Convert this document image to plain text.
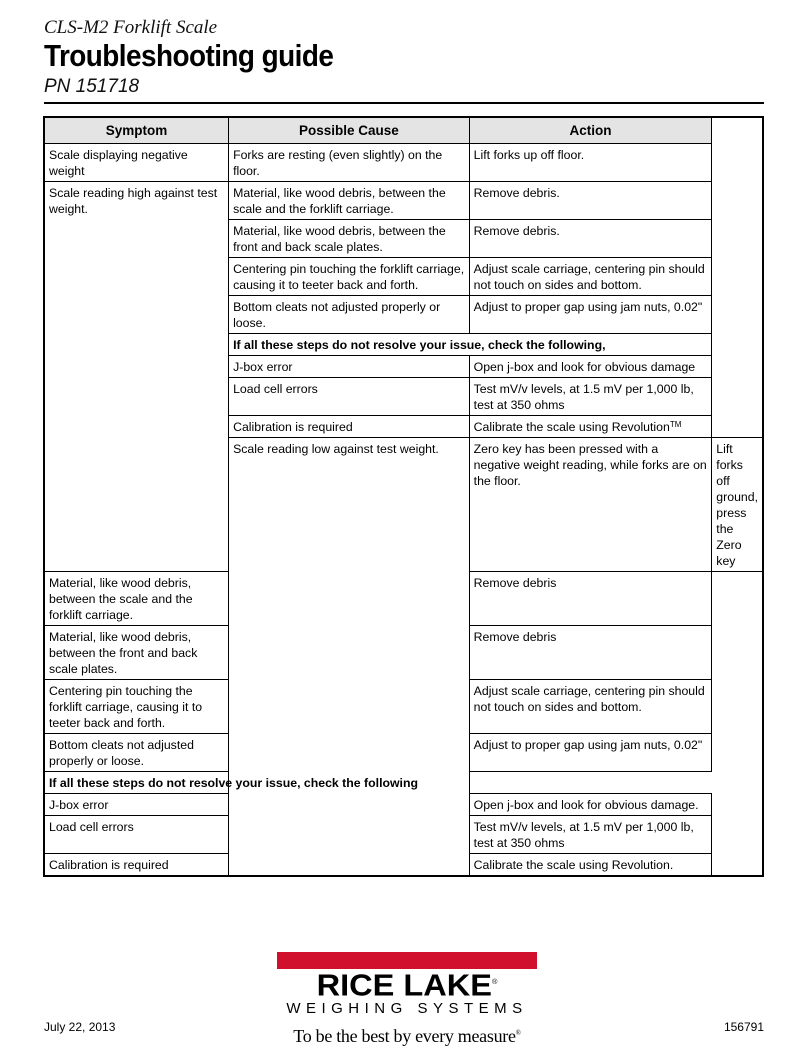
CLS-M2 Forklift Scale
Troubleshooting guide
PN 151718
Symptom	Possible Cause	Action	
Scale displaying negative weight	Forks are resting (even slightly) on the floor.	Lift forks up off floor.	
Scale reading high against test weight.	Material, like wood debris, between the scale and the forklift carriage.	Remove debris.	
	Material, like wood debris, between the front and back scale plates.	Remove debris.	
	Centering pin touching the forklift carriage, causing it to teeter back and forth.	Adjust scale carriage, centering pin should not touch on sides and bottom.	
	Bottom cleats not adjusted properly or loose.	Adjust to proper gap using jam nuts, 0.02"	
	If all these steps do not resolve your issue, check the following,		
	J-box error	Open j-box and look for obvious damage	
	Load cell errors	Test mV/v levels, at 1.5 mV per 1,000 lb, test at 350 ohms	
	Calibration is required	Calibrate the scale using Revolution™
	Scale reading low against test weight.	Zero key has been pressed with a negative weight reading, while forks are on the floor.	Lift forks off ground, press the Zero key
Material, like wood debris, between the scale and the forklift carriage.		Remove debris	
Material, like wood debris, between the front and back scale plates.		Remove debris	
Centering pin touching the forklift carriage, causing it to teeter back and forth.		Adjust scale carriage, centering pin should not touch on sides and bottom.	
Bottom cleats not adjusted properly or loose.		Adjust to proper gap using jam nuts, 0.02"	
If all these steps do not resolve your issue, check the following			
J-box error		Open j-box and look for obvious damage.	
Load cell errors		Test mV/v levels, at 1.5 mV per 1,000 lb, test at 350 ohms	
Calibration is required		Calibrate the scale using Revolution.	
RICE LAKE®
WEIGHING SYSTEMS
To be the best by every measure®
July 22, 2013	156791
